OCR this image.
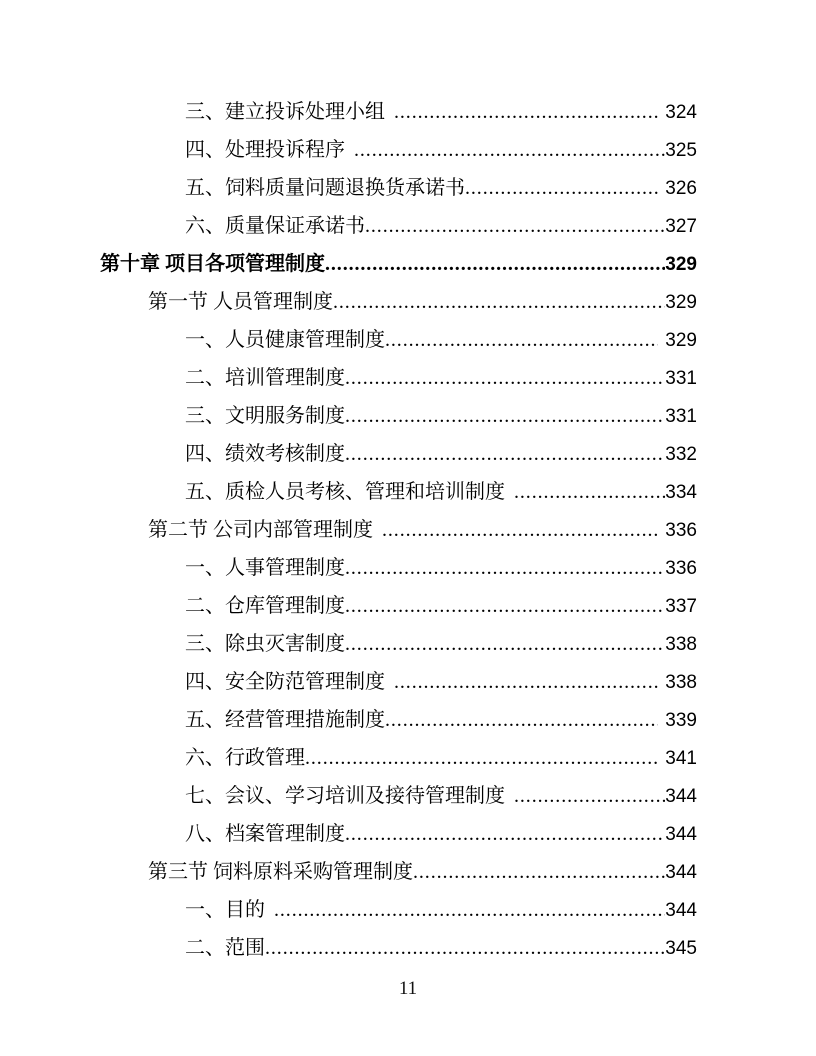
三、建立投诉处理小组 .....	324
四、处理投诉程序 .....	325
五、饲料质量问题退换货承诺书 .....	326
六、质量保证承诺书 .....	327
第十章 项目各项管理制度 .....	329
第一节 人员管理制度 .....	329
一、人员健康管理制度 .....	329
二、培训管理制度 .....	331
三、文明服务制度 .....	331
四、绩效考核制度 .....	332
五、质检人员考核、管理和培训制度 .....	334
第二节 公司内部管理制度 .....	336
一、人事管理制度 .....	336
二、仓库管理制度 .....	337
三、除虫灭害制度 .....	338
四、安全防范管理制度 .....	338
五、经营管理措施制度 .....	339
六、行政管理 .....	341
七、会议、学习培训及接待管理制度 .....	344
八、档案管理制度 .....	344
第三节 饲料原料采购管理制度 .....	344
一、目的 .....	344
二、范围 .....	345
11
